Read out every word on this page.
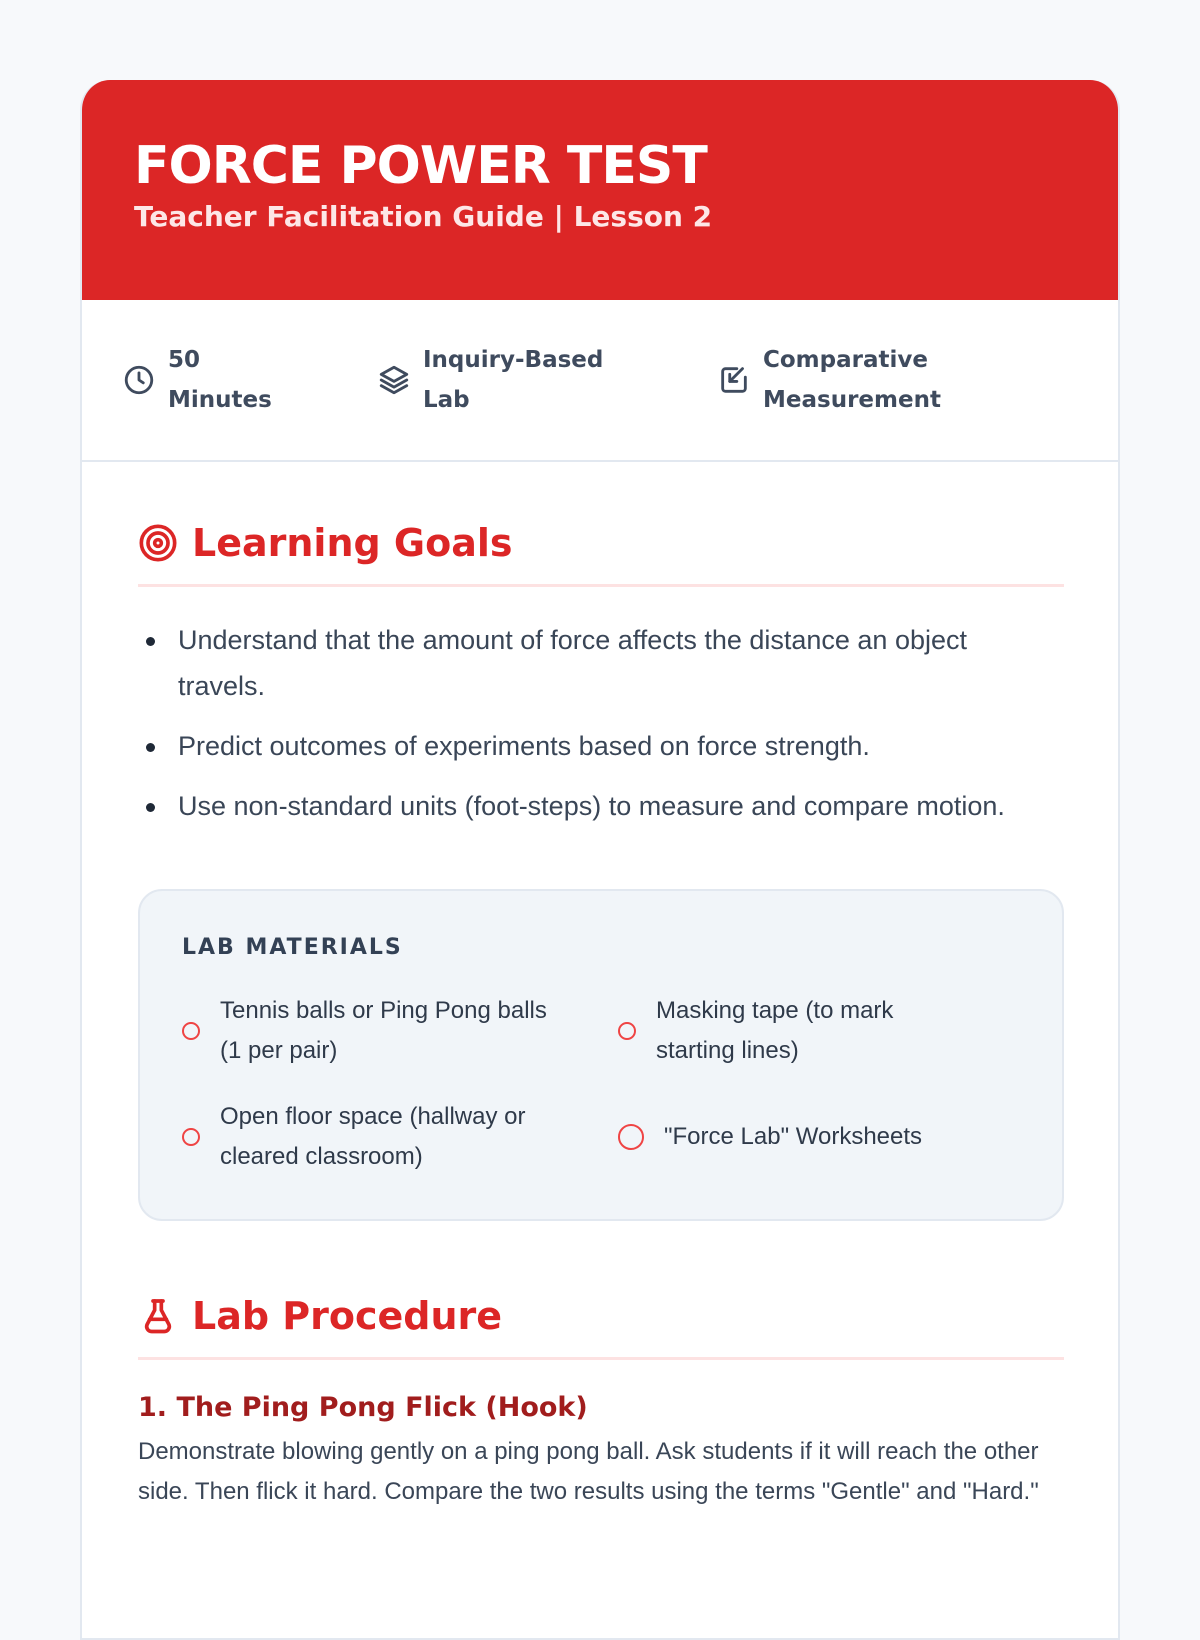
FORCE POWER TEST
Teacher Facilitation Guide | Lesson 2
50 Minutes
Inquiry-Based Lab
Comparative Measurement
Learning Goals
Understand that the amount of force affects the distance an object travels.
Predict outcomes of experiments based on force strength.
Use non-standard units (foot-steps) to measure and compare motion.
LAB MATERIALS
Tennis balls or Ping Pong balls (1 per pair)
Masking tape (to mark starting lines)
Open floor space (hallway or cleared classroom)
"Force Lab" Worksheets
Lab Procedure
1. The Ping Pong Flick (Hook)
Demonstrate blowing gently on a ping pong ball. Ask students if it will reach the other side. Then flick it hard. Compare the two results using the terms "Gentle" and "Hard."
